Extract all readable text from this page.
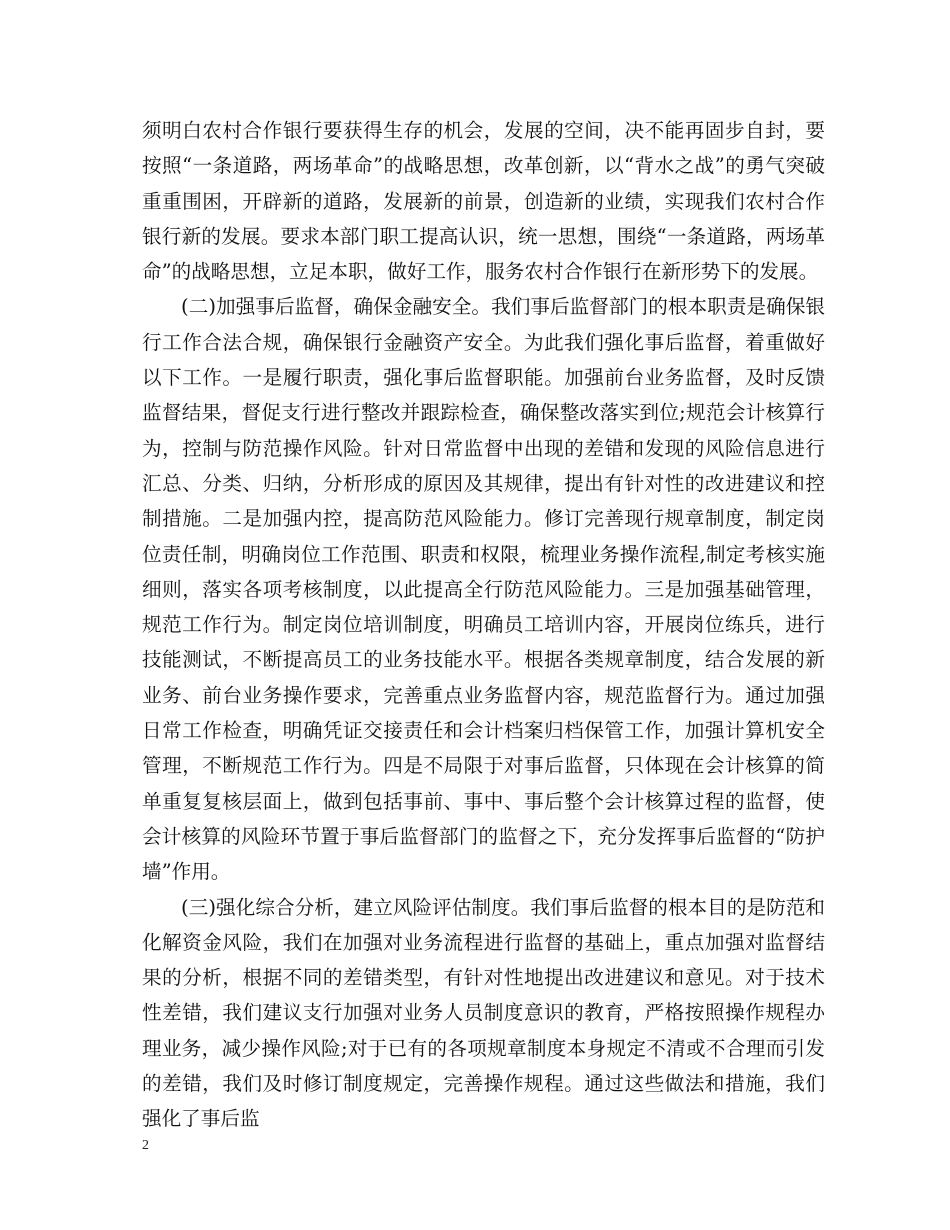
须明白农村合作银行要获得生存的机会，发展的空间，决不能再固步自封，要按照“一条道路，两场革命”的战略思想，改革创新，以“背水之战”的勇气突破重重围困，开辟新的道路，发展新的前景，创造新的业绩，实现我们农村合作银行新的发展。要求本部门职工提高认识，统一思想，围绕“一条道路，两场革命”的战略思想，立足本职，做好工作，服务农村合作银行在新形势下的发展。

(二)加强事后监督，确保金融安全。我们事后监督部门的根本职责是确保银行工作合法合规，确保银行金融资产安全。为此我们强化事后监督，着重做好以下工作。一是履行职责，强化事后监督职能。加强前台业务监督，及时反馈监督结果，督促支行进行整改并跟踪检查，确保整改落实到位;规范会计核算行为，控制与防范操作风险。针对日常监督中出现的差错和发现的风险信息进行汇总、分类、归纳，分析形成的原因及其规律，提出有针对性的改进建议和控制措施。二是加强内控，提高防范风险能力。修订完善现行规章制度，制定岗位责任制，明确岗位工作范围、职责和权限，梳理业务操作流程,制定考核实施细则，落实各项考核制度，以此提高全行防范风险能力。三是加强基础管理，规范工作行为。制定岗位培训制度，明确员工培训内容，开展岗位练兵，进行技能测试，不断提高员工的业务技能水平。根据各类规章制度，结合发展的新业务、前台业务操作要求，完善重点业务监督内容，规范监督行为。通过加强日常工作检查，明确凭证交接责任和会计档案归档保管工作，加强计算机安全管理，不断规范工作行为。四是不局限于对事后监督，只体现在会计核算的简单重复复核层面上，做到包括事前、事中、事后整个会计核算过程的监督，使会计核算的风险环节置于事后监督部门的监督之下，充分发挥事后监督的“防护墙”作用。

(三)强化综合分析，建立风险评估制度。我们事后监督的根本目的是防范和化解资金风险，我们在加强对业务流程进行监督的基础上，重点加强对监督结果的分析，根据不同的差错类型，有针对性地提出改进建议和意见。对于技术性差错，我们建议支行加强对业务人员制度意识的教育，严格按照操作规程办理业务，减少操作风险;对于已有的各项规章制度本身规定不清或不合理而引发的差错，我们及时修订制度规定，完善操作规程。通过这些做法和措施，我们强化了事后监

2
